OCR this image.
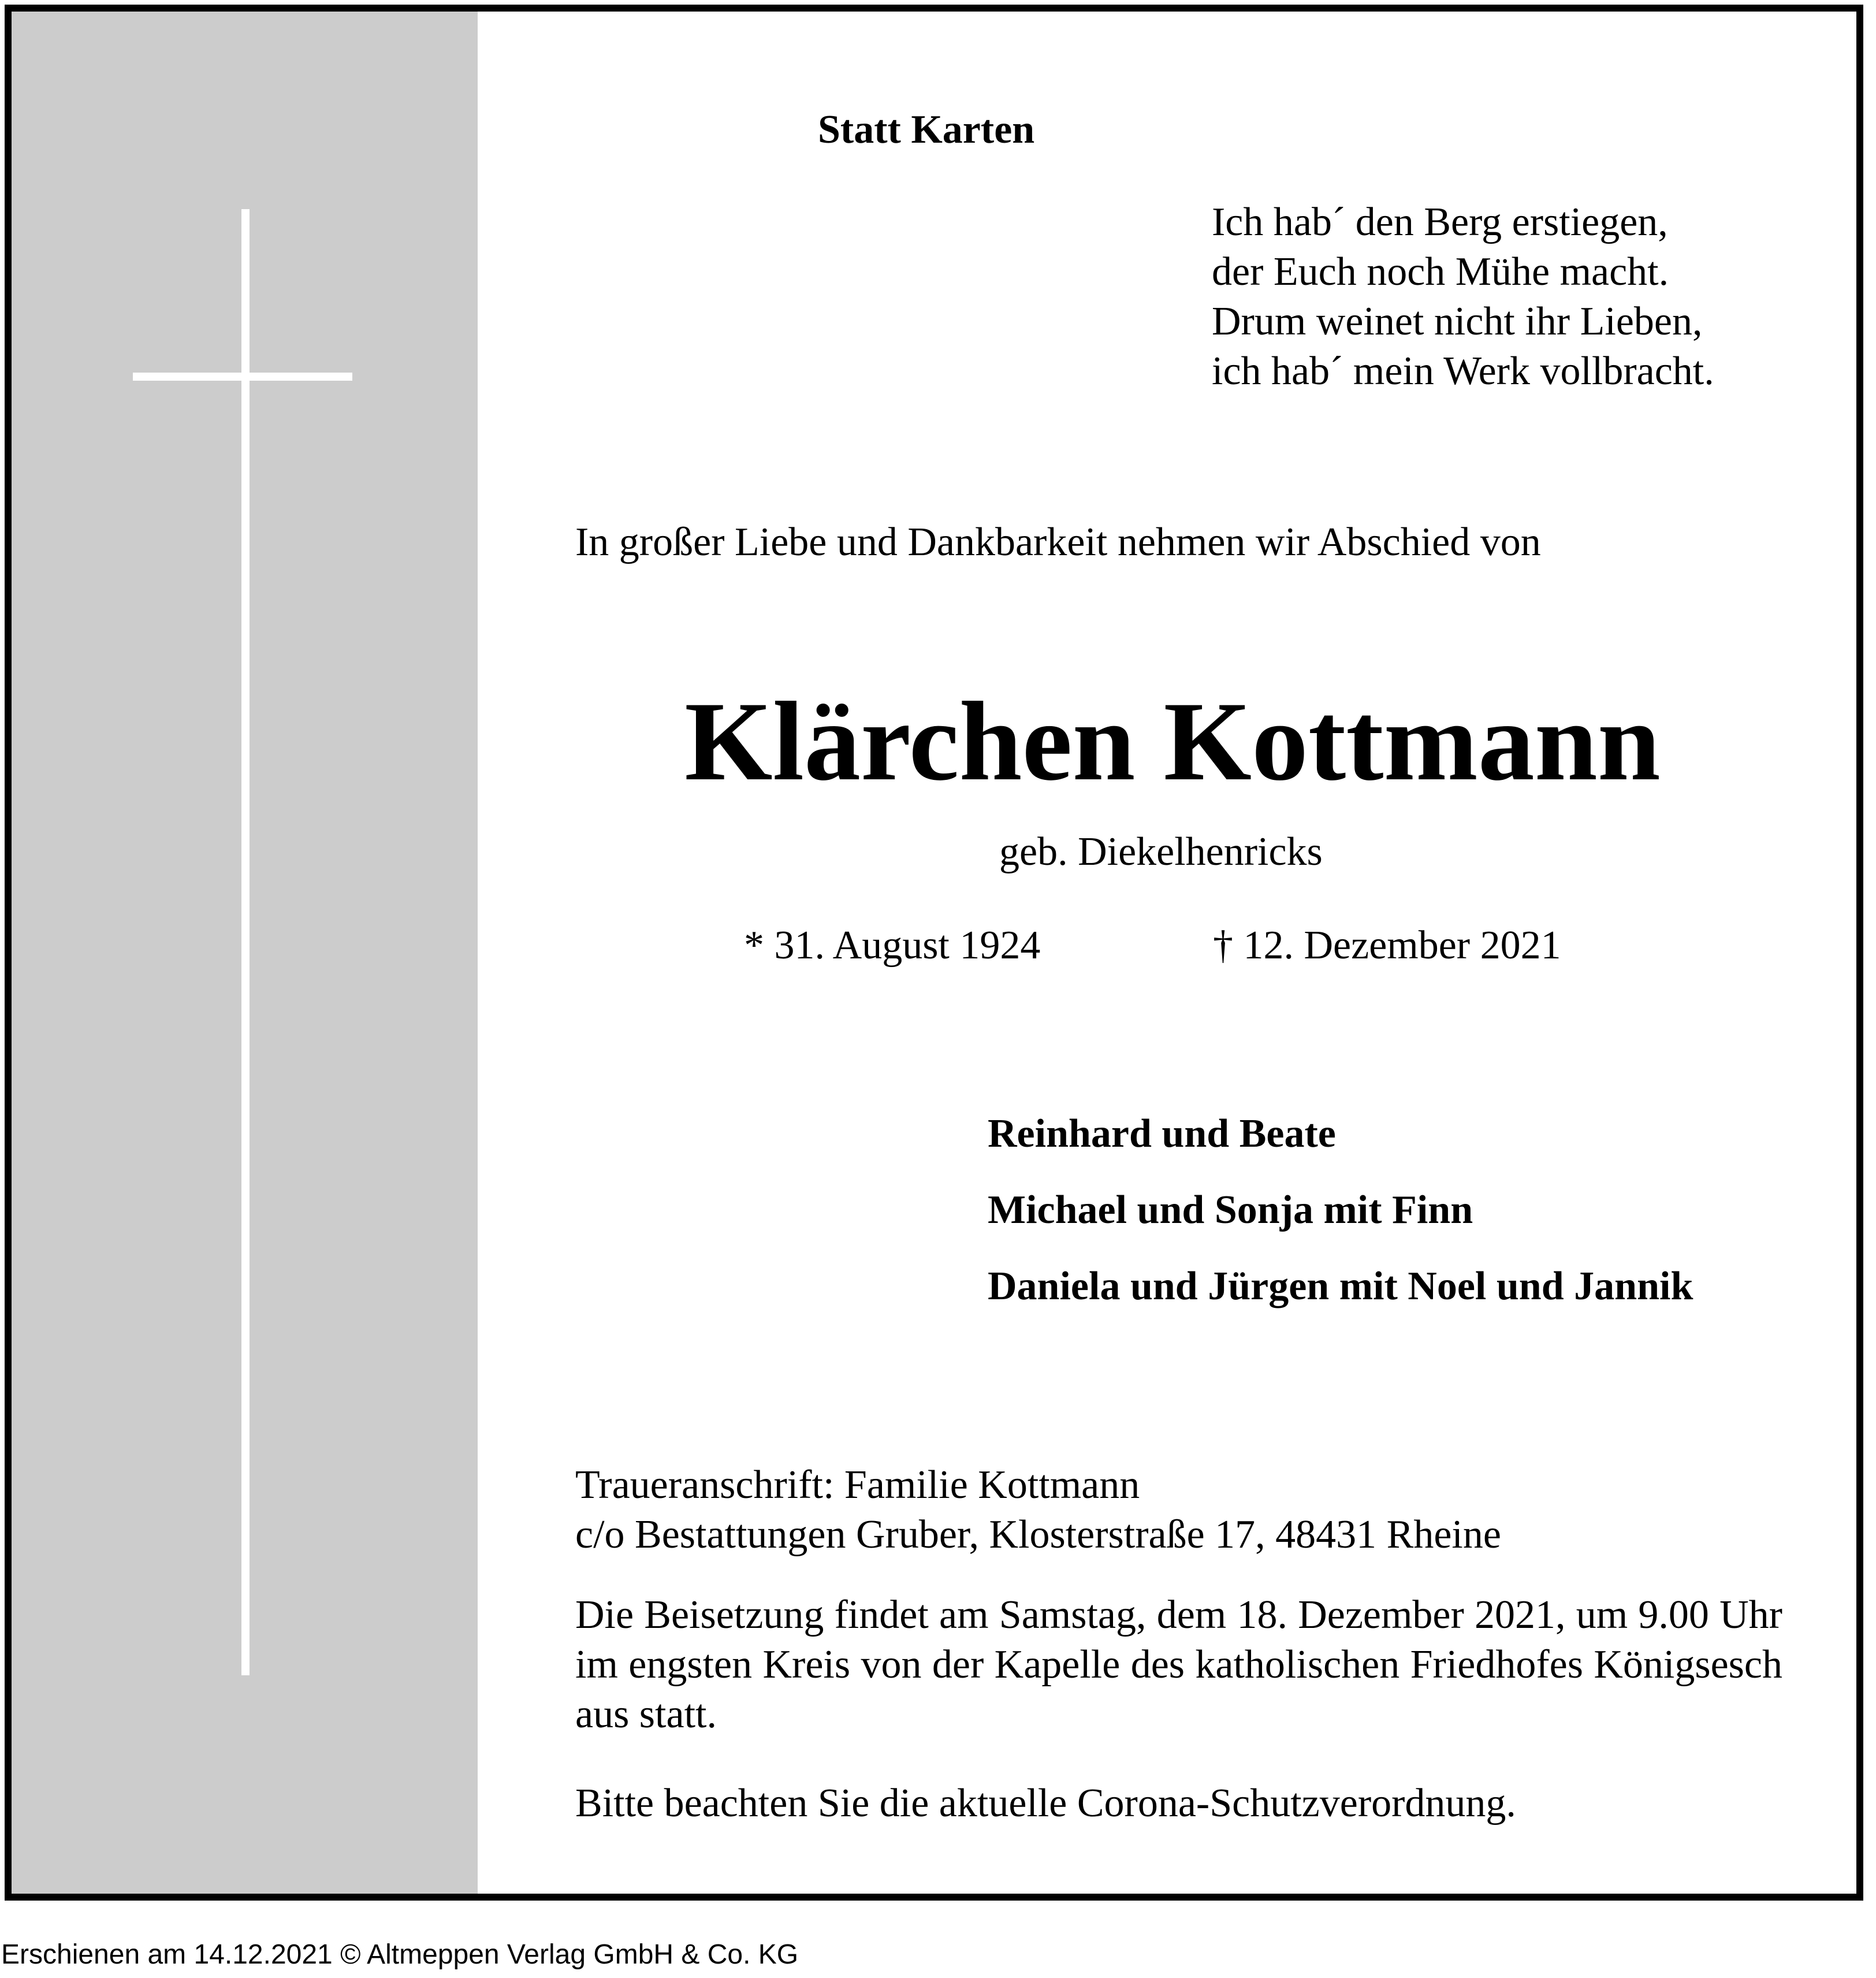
Statt Karten
Ich hab´ den Berg erstiegen,
der Euch noch Mühe macht.
Drum weinet nicht ihr Lieben,
ich hab´ mein Werk vollbracht.
In großer Liebe und Dankbarkeit nehmen wir Abschied von
Klärchen Kottmann
geb. Diekelhenricks
* 31. August 1924	† 12. Dezember 2021
Reinhard und Beate
Michael und Sonja mit Finn
Daniela und Jürgen mit Noel und Jannik
Traueranschrift: Familie Kottmann
c/o Bestattungen Gruber, Klosterstraße 17, 48431 Rheine
Die Beisetzung findet am Samstag, dem 18. Dezember 2021, um 9.00 Uhr im engsten Kreis von der Kapelle des katholischen Friedhofes Königsesch aus statt.
Bitte beachten Sie die aktuelle Corona-Schutzverordnung.
Erschienen am 14.12.2021 © Altmeppen Verlag GmbH & Co. KG
